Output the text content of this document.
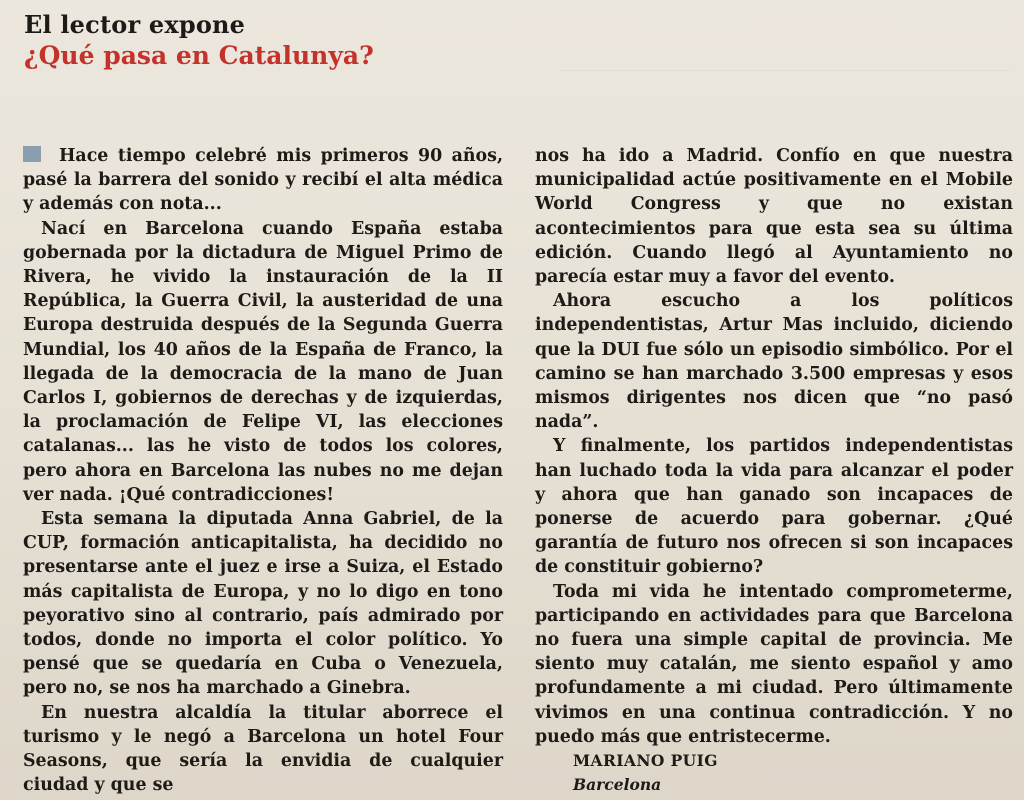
El lector expone
¿Qué pasa en Catalunya?

Hace tiempo celebré mis primeros 90 años, pasé la barrera del sonido y recibí el alta médica y además con nota...

Nací en Barcelona cuando España estaba gobernada por la dictadura de Miguel Primo de Rivera, he vivido la instauración de la II República, la Guerra Civil, la austeridad de una Europa destruida después de la Segunda Guerra Mundial, los 40 años de la España de Franco, la llegada de la democracia de la mano de Juan Carlos I, gobiernos de derechas y de izquierdas, la proclamación de Felipe VI, las elecciones catalanas... las he visto de todos los colores, pero ahora en Barcelona las nubes no me dejan ver nada. ¡Qué contradicciones!

Esta semana la diputada Anna Gabriel, de la CUP, formación anticapitalista, ha decidido no presentarse ante el juez e irse a Suiza, el Estado más capitalista de Europa, y no lo digo en tono peyorativo sino al contrario, país admirado por todos, donde no importa el color político. Yo pensé que se quedaría en Cuba o Venezuela, pero no, se nos ha marchado a Ginebra.

En nuestra alcaldía la titular aborrece el turismo y le negó a Barcelona un hotel Four Seasons, que sería la envidia de cualquier ciudad y que se

nos ha ido a Madrid. Confío en que nuestra municipalidad actúe positivamente en el Mobile World Congress y que no existan acontecimientos para que esta sea su última edición. Cuando llegó al Ayuntamiento no parecía estar muy a favor del evento.

Ahora escucho a los políticos independentistas, Artur Mas incluido, diciendo que la DUI fue sólo un episodio simbólico. Por el camino se han marchado 3.500 empresas y esos mismos dirigentes nos dicen que “no pasó nada”.

Y finalmente, los partidos independentistas han luchado toda la vida para alcanzar el poder y ahora que han ganado son incapaces de ponerse de acuerdo para gobernar. ¿Qué garantía de futuro nos ofrecen si son incapaces de constituir gobierno?

Toda mi vida he intentado comprometerme, participando en actividades para que Barcelona no fuera una simple capital de provincia. Me siento muy catalán, me siento español y amo profundamente a mi ciudad. Pero últimamente vivimos en una continua contradicción. Y no puedo más que entristecerme.

MARIANO PUIG
Barcelona
